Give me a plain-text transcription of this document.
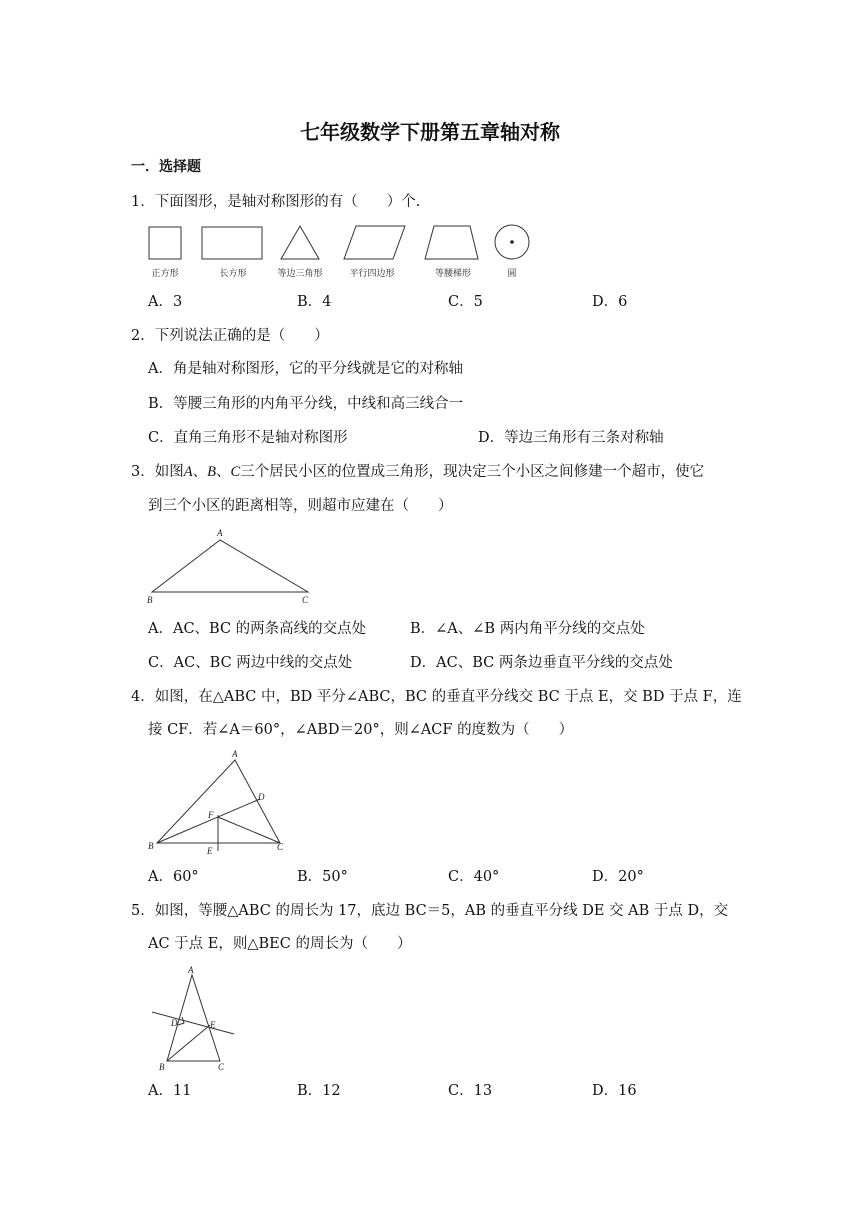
七年级数学下册第五章轴对称
一．选择题
1．下面图形，是轴对称图形的有（　　）个.
正方形	长方形	等边三角形	平行四边形	等腰梯形	圆
A．3	B．4	C．5	D．6
2．下列说法正确的是（　　）
A．角是轴对称图形，它的平分线就是它的对称轴
B．等腰三角形的内角平分线，中线和高三线合一
C．直角三角形不是轴对称图形	D．等边三角形有三条对称轴
3．如图A、B、C三个居民小区的位置成三角形，现决定三个小区之间修建一个超市，使它
到三个小区的距离相等，则超市应建在（　　）
A
B	C
A．AC、BC 的两条高线的交点处	B．∠A、∠B 两内角平分线的交点处
C．AC、BC 两边中线的交点处	D．AC、BC 两条边垂直平分线的交点处
4．如图，在△ABC 中，BD 平分∠ABC，BC 的垂直平分线交 BC 于点 E，交 BD 于点 F，连
接 CF．若∠A＝60°，∠ABD＝20°，则∠ACF 的度数为（　　）
A
B	C
D
E
F
A．60°	B．50°	C．40°	D．20°
5．如图，等腰△ABC 的周长为 17，底边 BC＝5，AB 的垂直平分线 DE 交 AB 于点 D，交
AC 于点 E，则△BEC 的周长为（　　）
A
B	C
D	E
A．11	B．12	C．13	D．16
